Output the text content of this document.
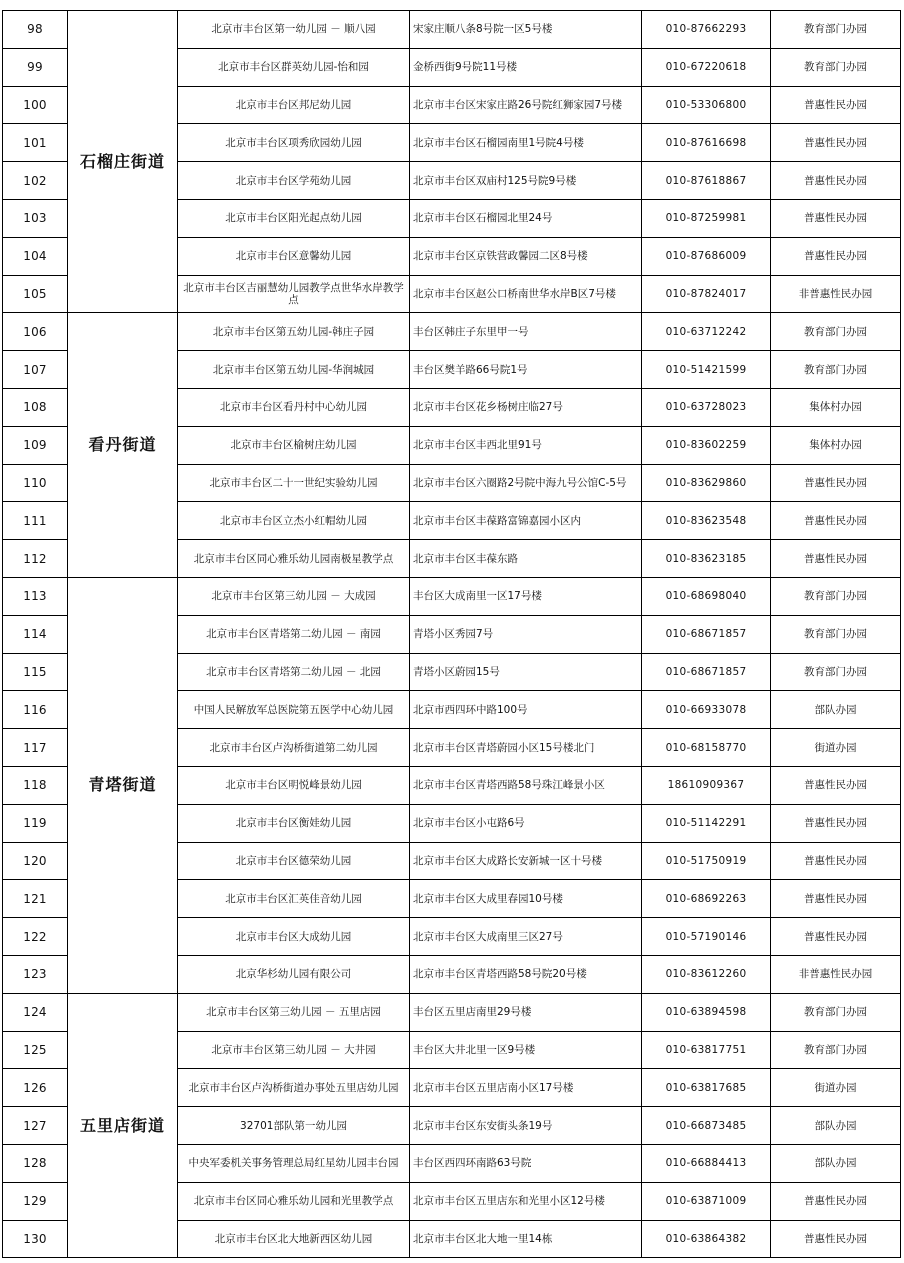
98	石榴庄街道	北京市丰台区第一幼儿园 － 顺八园	宋家庄顺八条8号院一区5号楼	010-87662293	教育部门办园
99		北京市丰台区群英幼儿园-怡和园	金桥西街9号院11号楼	010-67220618	教育部门办园
100		北京市丰台区邦尼幼儿园	北京市丰台区宋家庄路26号院红狮家园7号楼	010-53306800	普惠性民办园
101		北京市丰台区项秀欣园幼儿园	北京市丰台区石榴园南里1号院4号楼	010-87616698	普惠性民办园
102		北京市丰台区学苑幼儿园	北京市丰台区双庙村125号院9号楼	010-87618867	普惠性民办园
103		北京市丰台区阳光起点幼儿园	北京市丰台区石榴园北里24号	010-87259981	普惠性民办园
104		北京市丰台区意馨幼儿园	北京市丰台区京铁营政馨园二区8号楼	010-87686009	普惠性民办园
105		北京市丰台区吉丽慧幼儿园教学点世华水岸教学点	北京市丰台区赵公口桥南世华水岸B区7号楼	010-87824017	非普惠性民办园
106	看丹街道	北京市丰台区第五幼儿园-韩庄子园	丰台区韩庄子东里甲一号	010-63712242	教育部门办园
107		北京市丰台区第五幼儿园-华润城园	丰台区樊羊路66号院1号	010-51421599	教育部门办园
108		北京市丰台区看丹村中心幼儿园	北京市丰台区花乡杨树庄临27号	010-63728023	集体村办园
109		北京市丰台区榆树庄幼儿园	北京市丰台区丰西北里91号	010-83602259	集体村办园
110		北京市丰台区二十一世纪实验幼儿园	北京市丰台区六圈路2号院中海九号公馆C-5号	010-83629860	普惠性民办园
111		北京市丰台区立杰小红帽幼儿园	北京市丰台区丰葆路富锦嘉园小区内	010-83623548	普惠性民办园
112		北京市丰台区同心雅乐幼儿园南极星教学点	北京市丰台区丰葆东路	010-83623185	普惠性民办园
113	青塔街道	北京市丰台区第三幼儿园 － 大成园	丰台区大成南里一区17号楼	010-68698040	教育部门办园
114		北京市丰台区青塔第二幼儿园 － 南园	青塔小区秀园7号	010-68671857	教育部门办园
115		北京市丰台区青塔第二幼儿园 － 北园	青塔小区蔚园15号	010-68671857	教育部门办园
116		中国人民解放军总医院第五医学中心幼儿园	北京市西四环中路100号	010-66933078	部队办园
117		北京市丰台区卢沟桥街道第二幼儿园	北京市丰台区青塔蔚园小区15号楼北门	010-68158770	街道办园
118		北京市丰台区明悦峰景幼儿园	北京市丰台区青塔西路58号珠江峰景小区	18610909367	普惠性民办园
119		北京市丰台区衡娃幼儿园	北京市丰台区小屯路6号	010-51142291	普惠性民办园
120		北京市丰台区德荣幼儿园	北京市丰台区大成路长安新城一区十号楼	010-51750919	普惠性民办园
121		北京市丰台区汇英佳音幼儿园	北京市丰台区大成里春园10号楼	010-68692263	普惠性民办园
122		北京市丰台区大成幼儿园	北京市丰台区大成南里三区27号	010-57190146	普惠性民办园
123		北京华杉幼儿园有限公司	北京市丰台区青塔西路58号院20号楼	010-83612260	非普惠性民办园
124	五里店街道	北京市丰台区第三幼儿园 － 五里店园	丰台区五里店南里29号楼	010-63894598	教育部门办园
125		北京市丰台区第三幼儿园 － 大井园	丰台区大井北里一区9号楼	010-63817751	教育部门办园
126		北京市丰台区卢沟桥街道办事处五里店幼儿园	北京市丰台区五里店南小区17号楼	010-63817685	街道办园
127		32701部队第一幼儿园	北京市丰台区东安街头条19号	010-66873485	部队办园
128		中央军委机关事务管理总局红星幼儿园丰台园	丰台区西四环南路63号院	010-66884413	部队办园
129		北京市丰台区同心雅乐幼儿园和光里教学点	北京市丰台区五里店东和光里小区12号楼	010-63871009	普惠性民办园
130		北京市丰台区北大地新西区幼儿园	北京市丰台区北大地一里14栋	010-63864382	普惠性民办园
